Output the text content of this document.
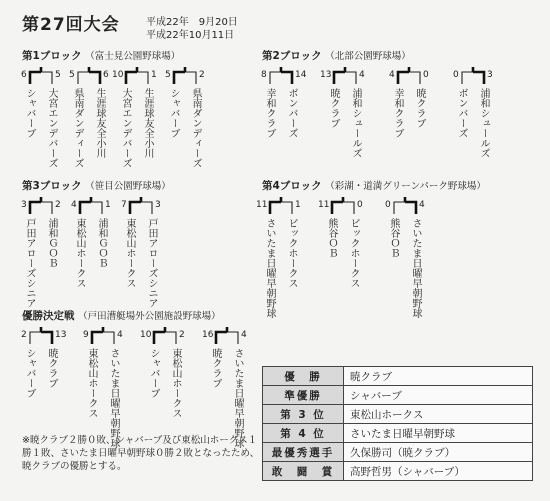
第27回大会	平成22年　9月20日
平成22年10月11日
第1ブロック （富士見公園野球場）	第2ブロック （北部公園野球場）
第3ブロック （笹目公園野球場）	第4ブロック （彩湖・道満グリーンパーク野球場）
優勝決定戦 （戸田漕艇場外公園施設野球場）
6	5
シャバーブ 大宮エンデバーズ
5	6
県南ダンディーズ 生涯球友全小川
10	1
大宮エンデバーズ 生涯球友全小川
5	2
シャバーブ 県南ダンディーズ
8	14
幸和クラブ ボンバーズ
13	4
暁クラブ 浦和シュールズ
4	0
幸和クラブ 暁クラブ
0	3
ボンバーズ 浦和シュールズ
3	2
戸田アローズシニア 浦和ＧＯＢ
4	1
東松山ホークス 浦和ＧＯＢ
7	3
東松山ホークス 戸田アローズシニア
11	1
さいたま日曜早朝野球 ビックホークス
11	0
熊谷ＯＢ ビックホークス
0	4
熊谷ＯＢ さいたま日曜早朝野球
2	13
シャバーブ 暁クラブ
9	4
東松山ホークス さいたま日曜早朝野球
10	2
シャバーブ 東松山ホークス
16	4
暁クラブ さいたま日曜早朝野球
※暁クラブ２勝０敗、シャバーブ及び東松山ホークス１勝１敗、さいたま日曜早朝野球０勝２敗となったため、暁クラブの優勝とする。
優　勝	暁クラブ
準優勝	シャバーブ
第 3 位	東松山ホークス
第 4 位	さいたま日曜早朝野球
最優秀選手	久保勝司（暁クラブ）
敢　闘　賞	高野哲男（シャバーブ）
